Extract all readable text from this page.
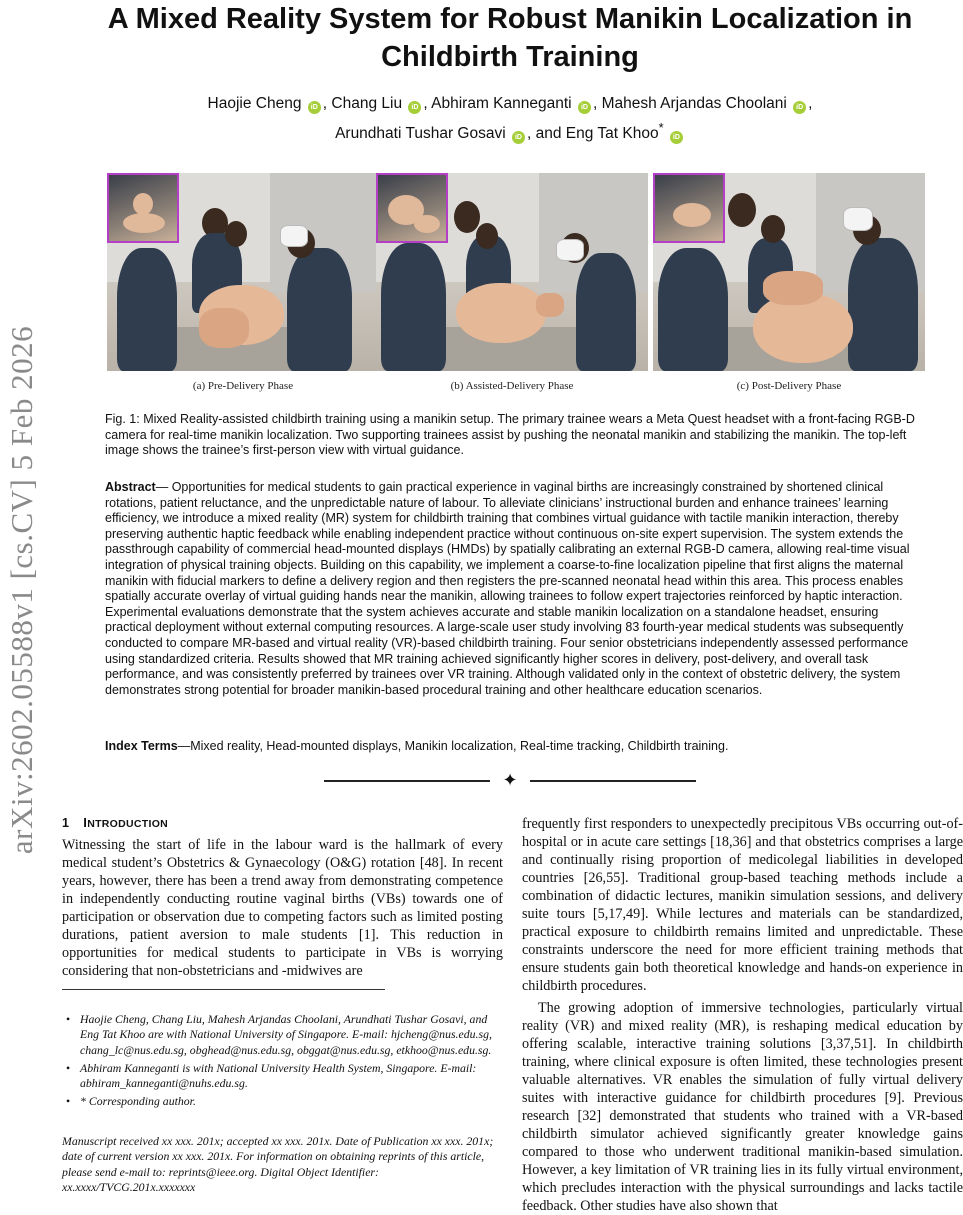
arXiv:2602.05588v1 [cs.CV] 5 Feb 2026
A Mixed Reality System for Robust Manikin Localization in Childbirth Training
Haojie Cheng iD , Chang Liu iD , Abhiram Kanneganti iD , Mahesh Arjandas Choolani iD ,
Arundhati Tushar Gosavi iD , and Eng Tat Khoo* iD
(a) Pre-Delivery Phase	(b) Assisted-Delivery Phase	(c) Post-Delivery Phase

Fig. 1: Mixed Reality-assisted childbirth training using a manikin setup. The primary trainee wears a Meta Quest headset with a front-facing RGB-D camera for real-time manikin localization. Two supporting trainees assist by pushing the neonatal manikin and stabilizing the manikin. The top-left image shows the trainee’s first-person view with virtual guidance.

Abstract— Opportunities for medical students to gain practical experience in vaginal births are increasingly constrained by shortened clinical rotations, patient reluctance, and the unpredictable nature of labour. To alleviate clinicians’ instructional burden and enhance trainees’ learning efficiency, we introduce a mixed reality (MR) system for childbirth training that combines virtual guidance with tactile manikin interaction, thereby preserving authentic haptic feedback while enabling independent practice without continuous on-site expert supervision. The system extends the passthrough capability of commercial head-mounted displays (HMDs) by spatially calibrating an external RGB-D camera, allowing real-time visual integration of physical training objects. Building on this capability, we implement a coarse-to-fine localization pipeline that first aligns the maternal manikin with fiducial markers to define a delivery region and then registers the pre-scanned neonatal head within this area. This process enables spatially accurate overlay of virtual guiding hands near the manikin, allowing trainees to follow expert trajectories reinforced by haptic interaction. Experimental evaluations demonstrate that the system achieves accurate and stable manikin localization on a standalone headset, ensuring practical deployment without external computing resources. A large-scale user study involving 83 fourth-year medical students was subsequently conducted to compare MR-based and virtual reality (VR)-based childbirth training. Four senior obstetricians independently assessed performance using standardized criteria. Results showed that MR training achieved significantly higher scores in delivery, post-delivery, and overall task performance, and was consistently preferred by trainees over VR training. Although validated only in the context of obstetric delivery, the system demonstrates strong potential for broader manikin-based procedural training and other healthcare education scenarios.

Index Terms—Mixed reality, Head-mounted displays, Manikin localization, Real-time tracking, Childbirth training.

✦
1 INTRODUCTION

Witnessing the start of life in the labour ward is the hallmark of every medical student’s Obstetrics & Gynaecology (O&G) rotation [48]. In recent years, however, there has been a trend away from demonstrating competence in independently conducting routine vaginal births (VBs) towards one of participation or observation due to competing factors such as limited posting durations, patient aversion to male students [1]. This reduction in opportunities for medical students to participate in VBs is worrying considering that non-obstetricians and -midwives are

frequently first responders to unexpectedly precipitous VBs occurring out-of-hospital or in acute care settings [18,36] and that obstetrics comprises a large and continually rising proportion of medicolegal liabilities in developed countries [26,55]. Traditional group-based teaching methods include a combination of didactic lectures, manikin simulation sessions, and delivery suite tours [5,17,49]. While lectures and materials can be standardized, practical exposure to childbirth remains limited and unpredictable. These constraints underscore the need for more efficient training methods that ensure students gain both theoretical knowledge and hands-on experience in childbirth procedures.

The growing adoption of immersive technologies, particularly virtual reality (VR) and mixed reality (MR), is reshaping medical education by offering scalable, interactive training solutions [3,37,51]. In childbirth training, where clinical exposure is often limited, these technologies present valuable alternatives. VR enables the simulation of fully virtual delivery suites with interactive guidance for childbirth procedures [9]. Previous research [32] demonstrated that students who trained with a VR-based childbirth simulator achieved significantly greater knowledge gains compared to those who underwent traditional manikin-based simulation. However, a key limitation of VR training lies in its fully virtual environment, which precludes interaction with the physical surroundings and lacks tactile feedback. Other studies have also shown that

• Haojie Cheng, Chang Liu, Mahesh Arjandas Choolani, Arundhati Tushar Gosavi, and Eng Tat Khoo are with National University of Singapore. E-mail: hjcheng@nus.edu.sg, chang_lc@nus.edu.sg, obghead@nus.edu.sg, obggat@nus.edu.sg, etkhoo@nus.edu.sg.
• Abhiram Kanneganti is with National University Health System, Singapore. E-mail: abhiram_kanneganti@nuhs.edu.sg.
• * Corresponding author.

Manuscript received xx xxx. 201x; accepted xx xxx. 201x. Date of Publication xx xxx. 201x; date of current version xx xxx. 201x. For information on obtaining reprints of this article, please send e-mail to: reprints@ieee.org. Digital Object Identifier: xx.xxxx/TVCG.201x.xxxxxxx
